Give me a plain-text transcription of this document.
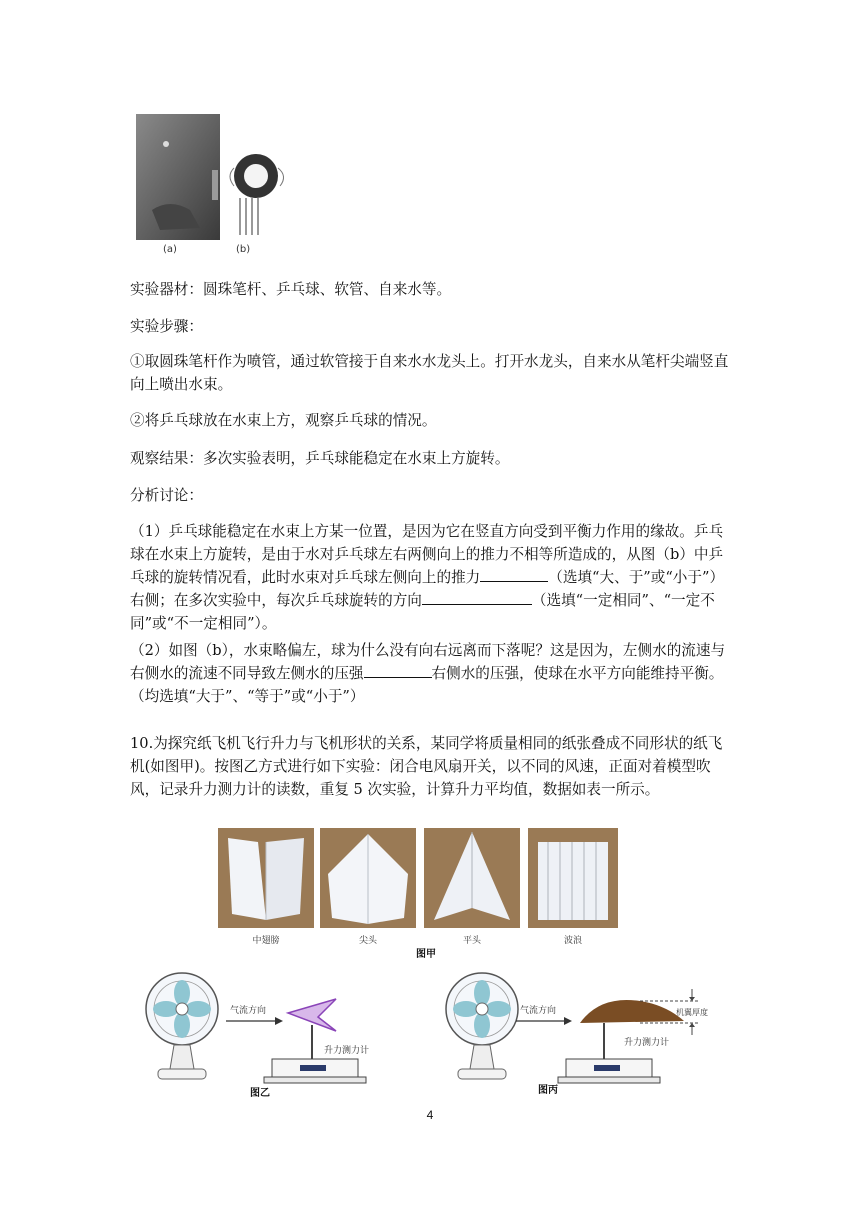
(a)	(b)

实验器材：圆珠笔杆、乒乓球、软管、自来水等。

实验步骤：

①取圆珠笔杆作为喷管，通过软管接于自来水水龙头上。打开水龙头，自来水从笔杆尖端竖直向上喷出水束。

②将乒乓球放在水束上方，观察乒乓球的情况。

观察结果：多次实验表明，乒乓球能稳定在水束上方旋转。

分析讨论：

（1）乒乓球能稳定在水束上方某一位置，是因为它在竖直方向受到平衡力作用的缘故。乒乓球在水束上方旋转，是由于水对乒乓球左右两侧向上的推力不相等所造成的，从图（b）中乒乓球的旋转情况看，此时水束对乒乓球左侧向上的推力	（选填“大、于”或“小于”）右侧；在多次实验中，每次乒乓球旋转的方向	（选填“一定相同”、“一定不同”或“不一定相同”）。

（2）如图（b），水束略偏左，球为什么没有向右远离而下落呢？这是因为，左侧水的流速与右侧水的流速不同导致左侧水的压强	右侧水的压强，使球在水平方向能维持平衡。（均选填“大于”、“等于”或“小于”）

10.为探究纸飞机飞行升力与飞机形状的关系，某同学将质量相同的纸张叠成不同形状的纸飞机(如图甲)。按图乙方式进行如下实验：闭合电风扇开关，以不同的风速，正面对着模型吹风，记录升力测力计的读数，重复 5 次实验，计算升力平均值，数据如表一所示。

中翅膀	尖头	平头	波浪
图甲
气流方向
升力测力计
图乙
气流方向	机翼厚度
升力测力计
图丙
4
